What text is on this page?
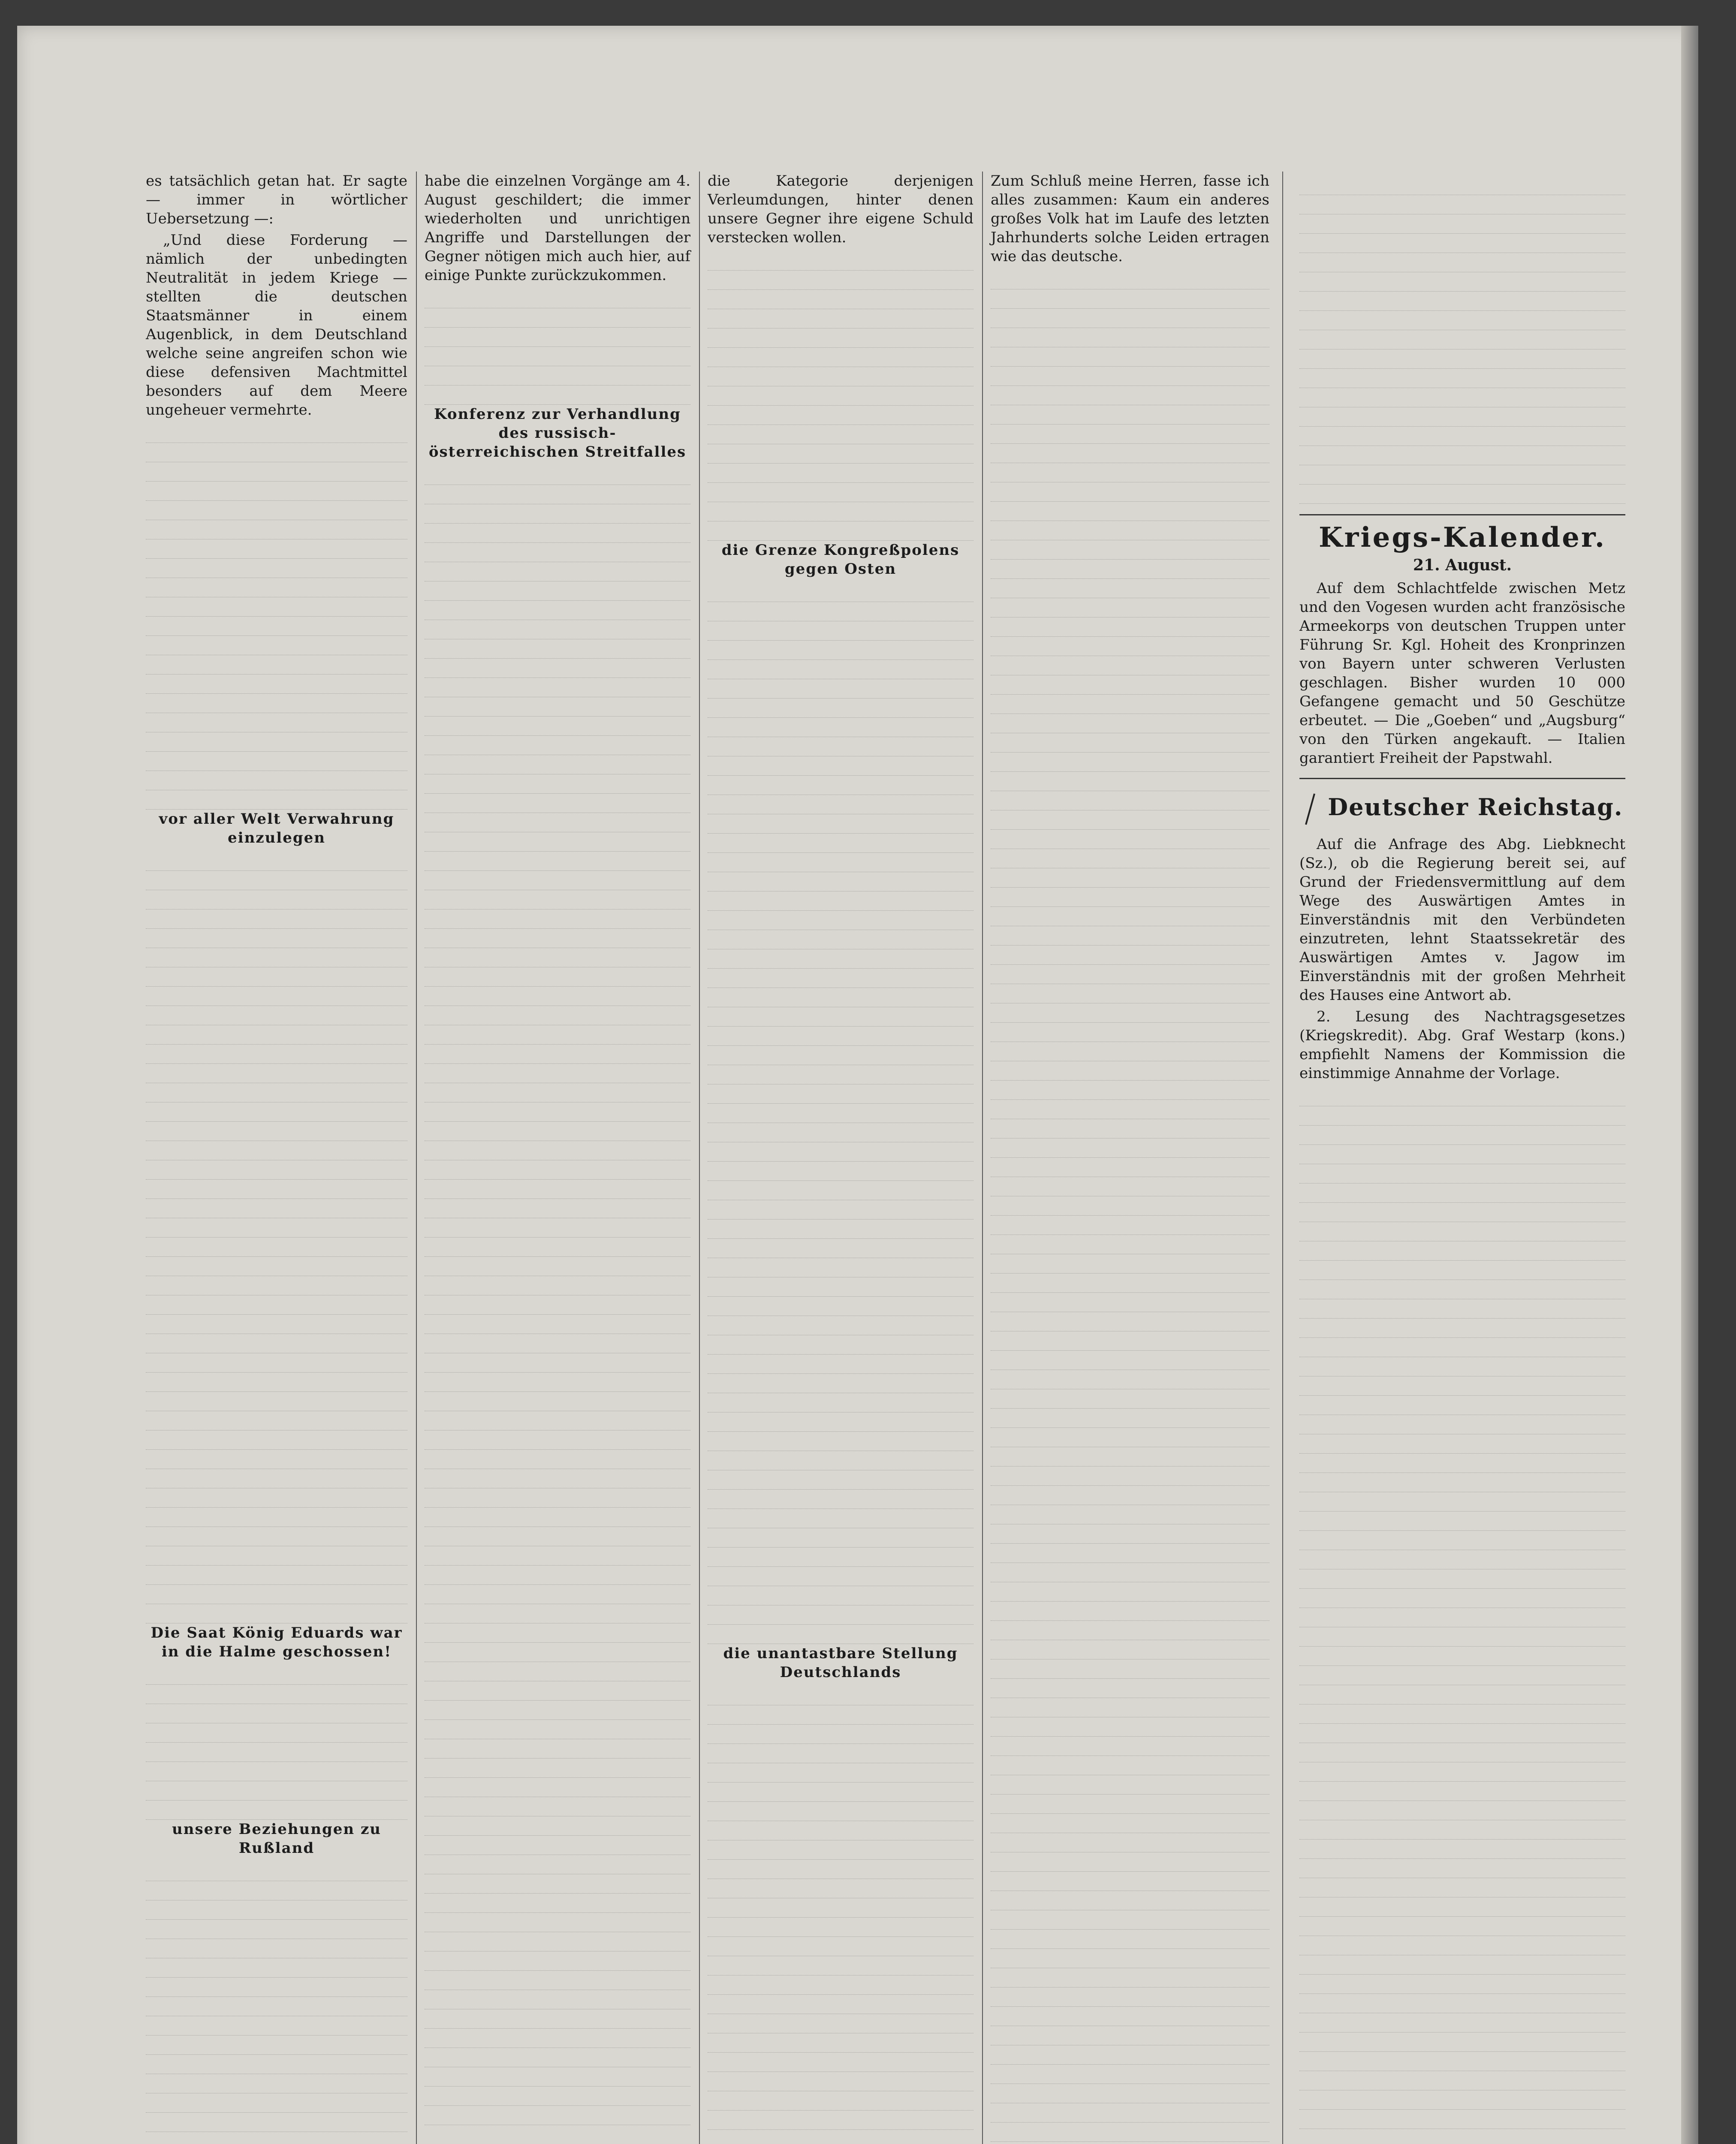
es tatsächlich getan hat. Er sagte — immer in wörtlicher Uebersetzung —:

„Und diese Forderung — nämlich der unbedingten Neutralität in jedem Kriege — stellten die deutschen Staatsmänner in einem Augenblick, in dem Deutschland welche seine angreifen schon wie diese defensiven Machtmittel besonders auf dem Meere ungeheuer vermehrte.

vor aller Welt Verwahrung einzulegen

Die Saat König Eduards war in die Halme geschossen!

unsere Beziehungen zu Rußland

habe die einzelnen Vorgänge am 4. August geschildert; die immer wiederholten und unrichtigen Angriffe und Darstellungen der Gegner nötigen mich auch hier, auf einige Punkte zurückzukommen.

Konferenz zur Verhandlung des russisch-österreichischen Streitfalles

die Kategorie derjenigen Verleumdungen, hinter denen unsere Gegner ihre eigene Schuld verstecken wollen.

die Grenze Kongreßpolens gegen Osten

die unantastbare Stellung Deutschlands

Zum Schluß meine Herren, fasse ich alles zusammen: Kaum ein anderes großes Volk hat im Laufe des letzten Jahrhunderts solche Leiden ertragen wie das deutsche.

Kriegs-Kalender.
21. August.

Auf dem Schlachtfelde zwischen Metz und den Vogesen wurden acht französische Armeekorps von deutschen Truppen unter Führung Sr. Kgl. Hoheit des Kronprinzen von Bayern unter schweren Verlusten geschlagen. Bisher wurden 10 000 Gefangene gemacht und 50 Geschütze erbeutet. — Die „Goeben“ und „Augsburg“ von den Türken angekauft. — Italien garantiert Freiheit der Papstwahl.

Deutscher Reichstag.

Auf die Anfrage des Abg. Liebknecht (Sz.), ob die Regierung bereit sei, auf Grund der Friedensvermittlung auf dem Wege des Auswärtigen Amtes in Einverständnis mit den Verbündeten einzutreten, lehnt Staatssekretär des Auswärtigen Amtes v. Jagow im Einverständnis mit der großen Mehrheit des Hauses eine Antwort ab.

2. Lesung des Nachtragsgesetzes (Kriegskredit). Abg. Graf Westarp (kons.) empfiehlt Namens der Kommission die einstimmige Annahme der Vorlage.
